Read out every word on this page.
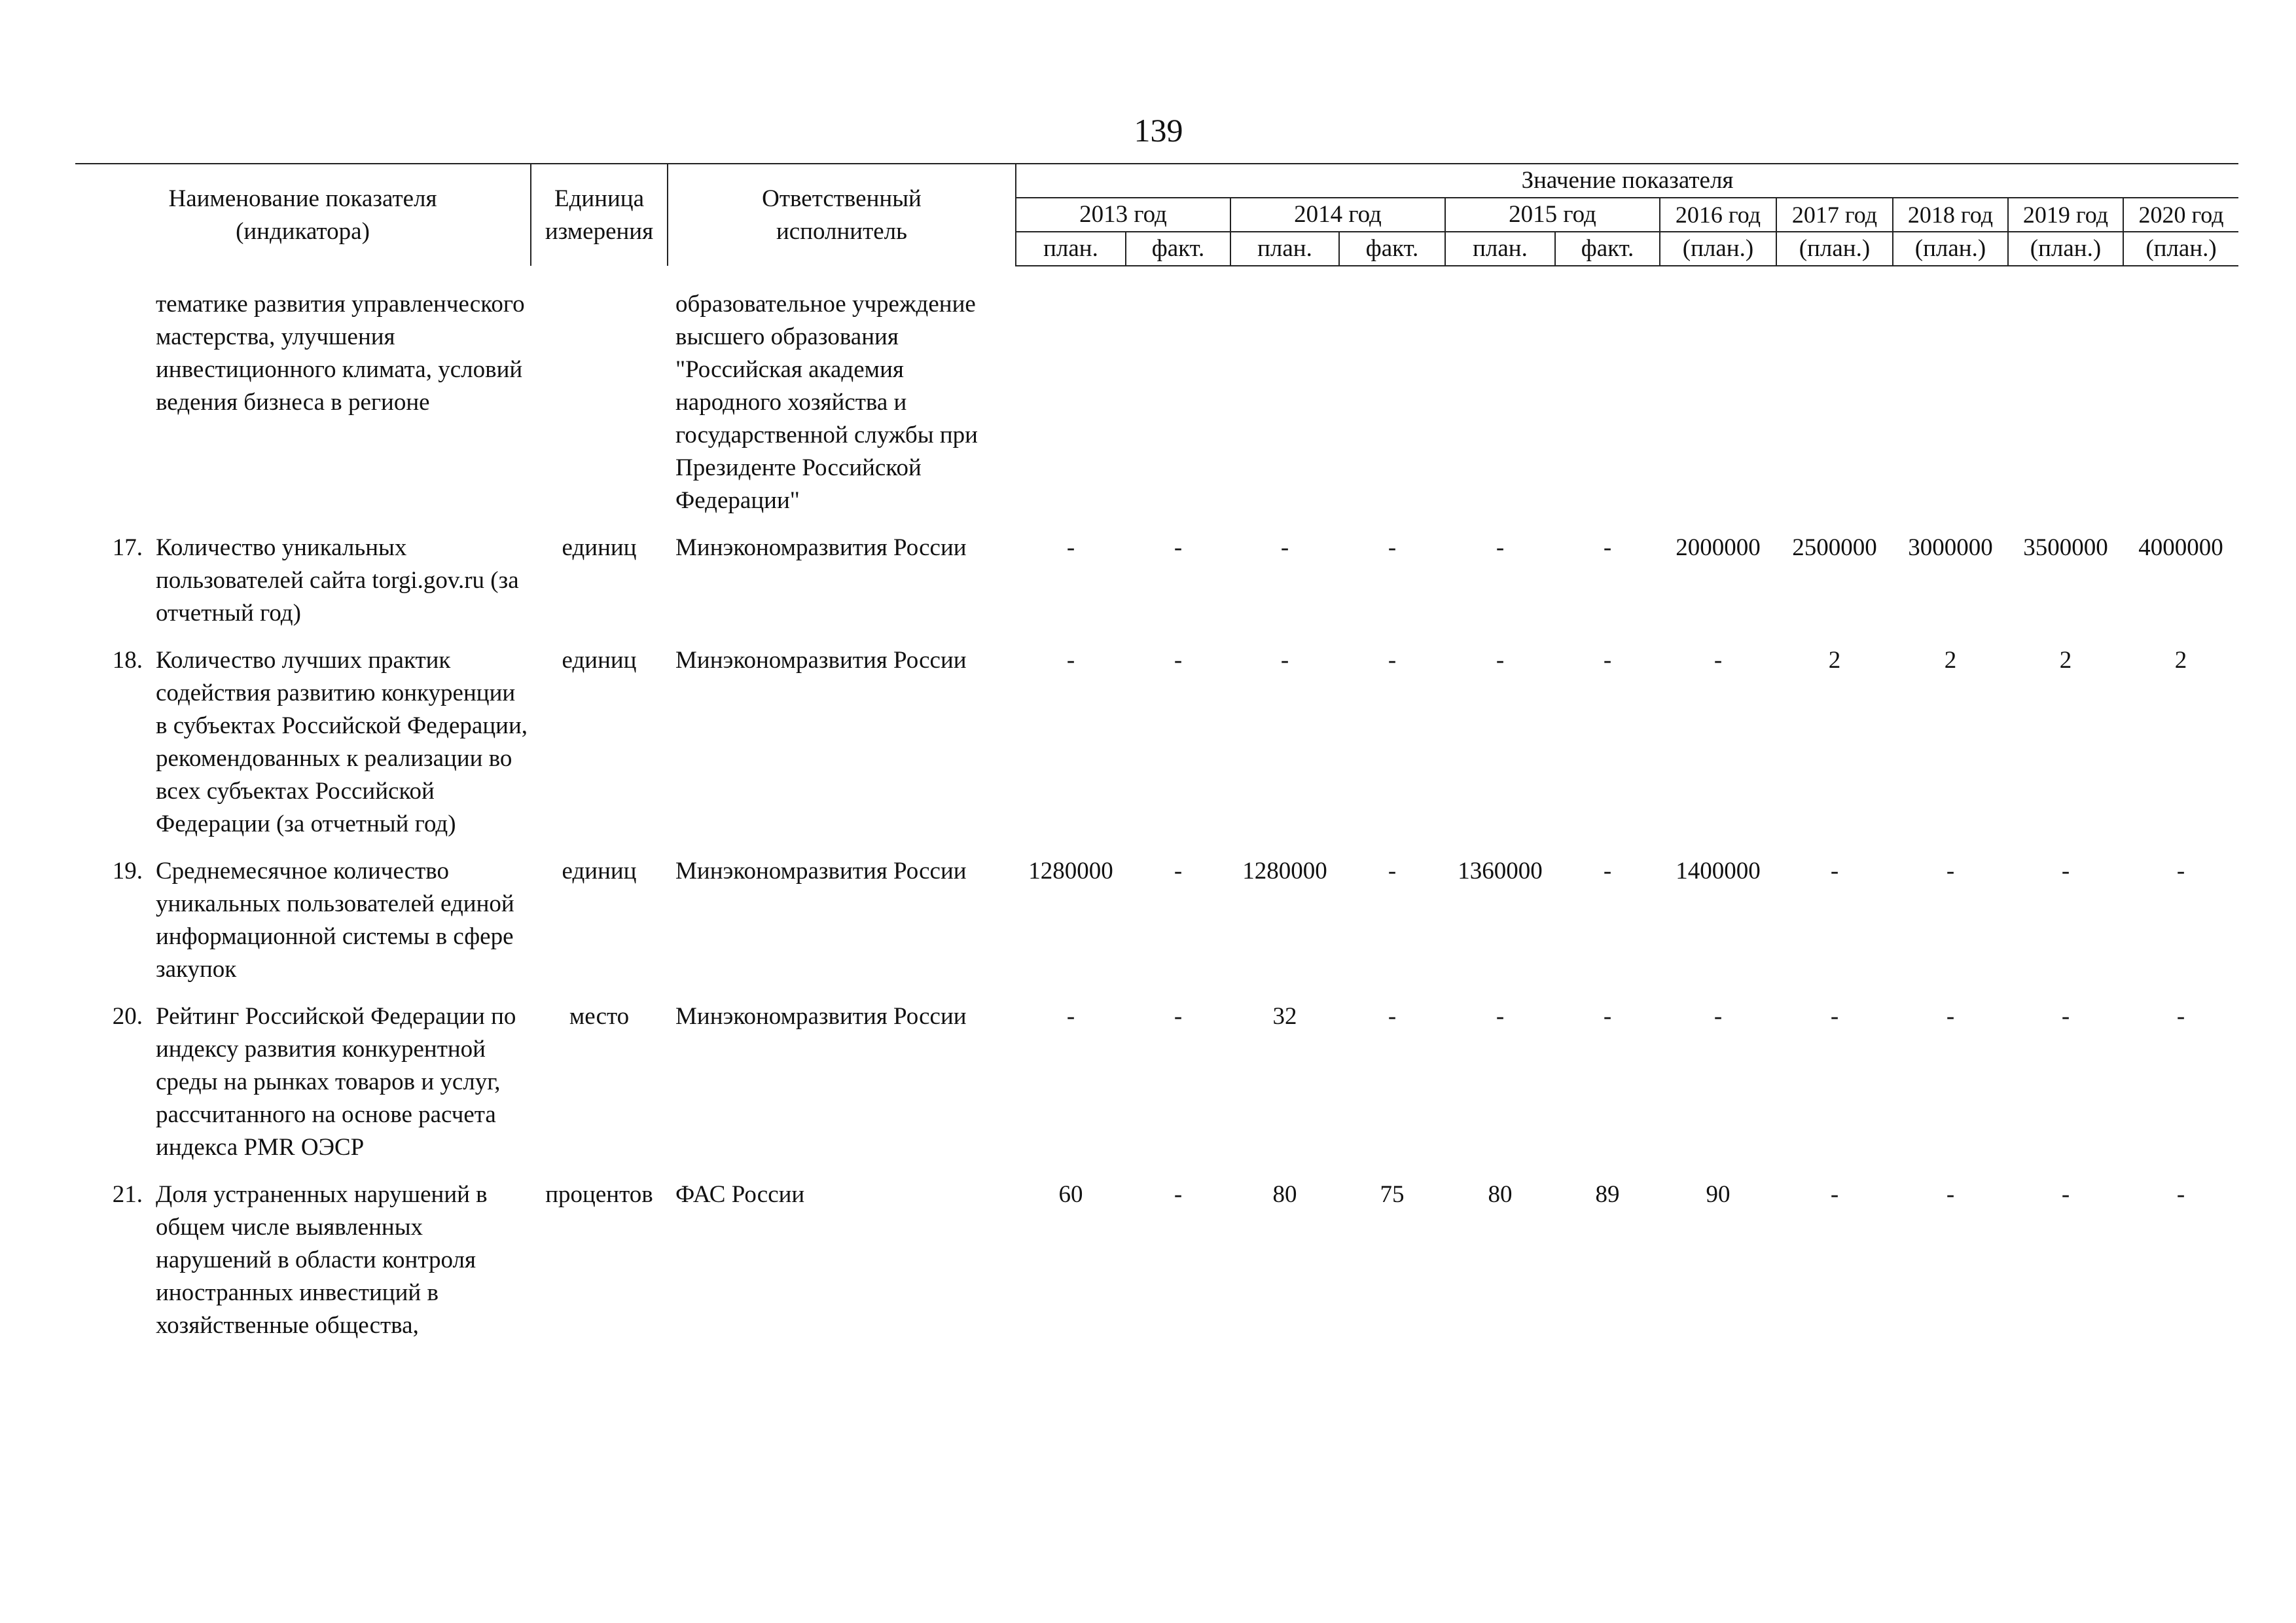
139
Наименование показателя (индикатора)		Единица измерения	Ответственный исполнитель	Значение показателя										
				2013 год		2014 год		2015 год		2016 год	2017 год	2018 год	2019 год	2020 год
				план.	факт.	план.	факт.	план.	факт.	(план.)	(план.)	(план.)	(план.)	(план.)
	тематике развития управленческого мастерства, улучшения инвестиционного климата, условий ведения бизнеса в регионе		образовательное учреждение высшего образования "Российская академия народного хозяйства и государственной службы при Президенте Российской Федерации"											
17.	Количество уникальных пользователей сайта torgi.gov.ru (за отчетный год)	единиц	Минэкономразвития России	-	-	-	-	-	-	2000000	2500000	3000000	3500000	4000000
18.	Количество лучших практик содействия развитию конкуренции в субъектах Российской Федерации, рекомендованных к реализации во всех субъектах Российской Федерации (за отчетный год)	единиц	Минэкономразвития России	-	-	-	-	-	-	-	2	2	2	2
19.	Среднемесячное количество уникальных пользователей единой информационной системы в сфере закупок	единиц	Минэкономразвития России	1280000	-	1280000	-	1360000	-	1400000	-	-	-	-
20.	Рейтинг Российской Федерации по индексу развития конкурентной среды на рынках товаров и услуг, рассчитанного на основе расчета индекса PMR ОЭСР	место	Минэкономразвития России	-	-	32	-	-	-	-	-	-	-	-
21.	Доля устраненных нарушений в общем числе выявленных нарушений в области контроля иностранных инвестиций в хозяйственные общества,	процентов	ФАС России	60	-	80	75	80	89	90	-	-	-	-
